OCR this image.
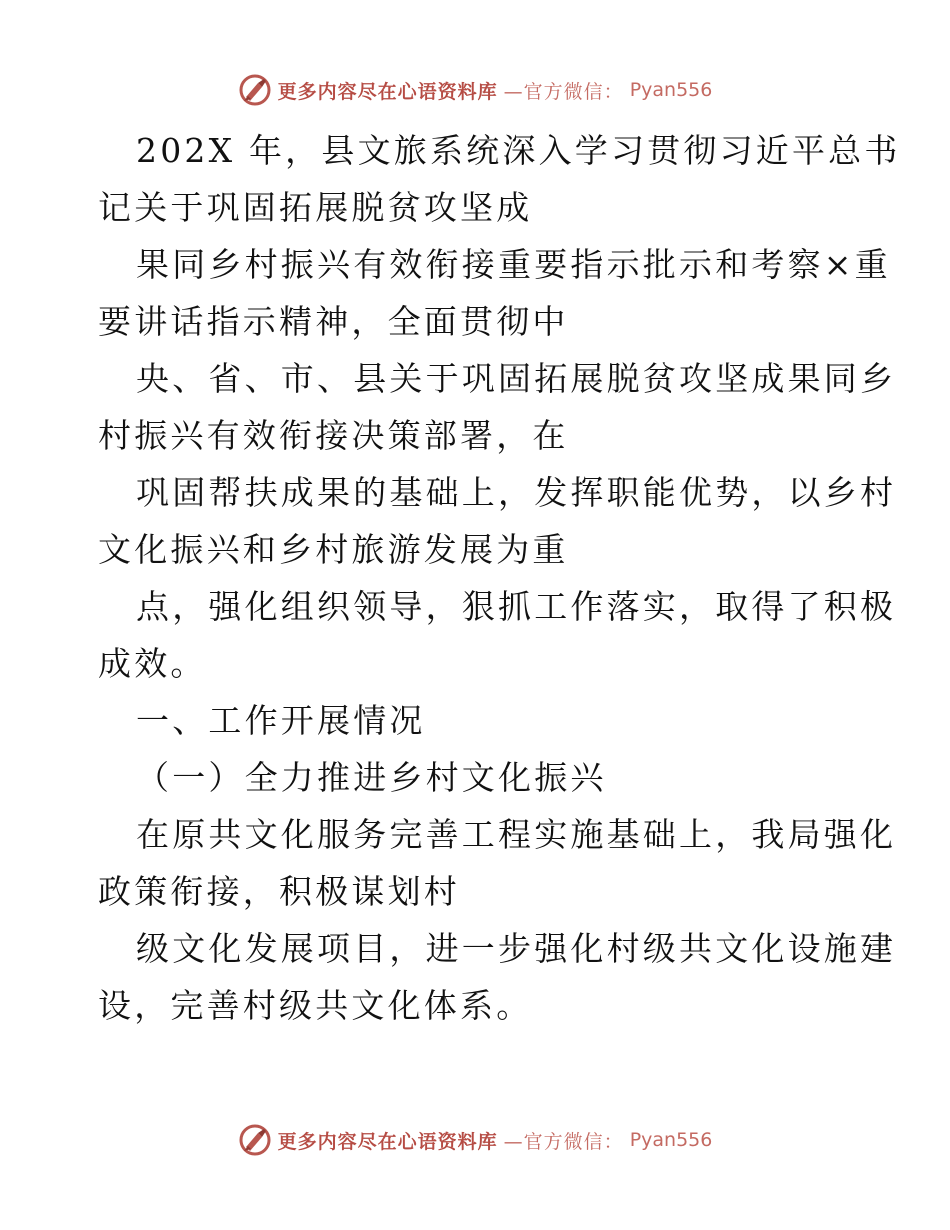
更多内容尽在心语资料库 —官方微信： Pyan556

202X 年，县文旅系统深入学习贯彻习近平总书
记关于巩固拓展脱贫攻坚成

果同乡村振兴有效衔接重要指示批示和考察×重
要讲话指示精神，全面贯彻中

央、省、市、县关于巩固拓展脱贫攻坚成果同乡
村振兴有效衔接决策部署，在

巩固帮扶成果的基础上，发挥职能优势，以乡村
文化振兴和乡村旅游发展为重

点，强化组织领导，狠抓工作落实，取得了积极
成效。

一、工作开展情况

（一）全力推进乡村文化振兴

在原共文化服务完善工程实施基础上，我局强化
政策衔接，积极谋划村

级文化发展项目，进一步强化村级共文化设施建
设，完善村级共文化体系。

更多内容尽在心语资料库 —官方微信： Pyan556
